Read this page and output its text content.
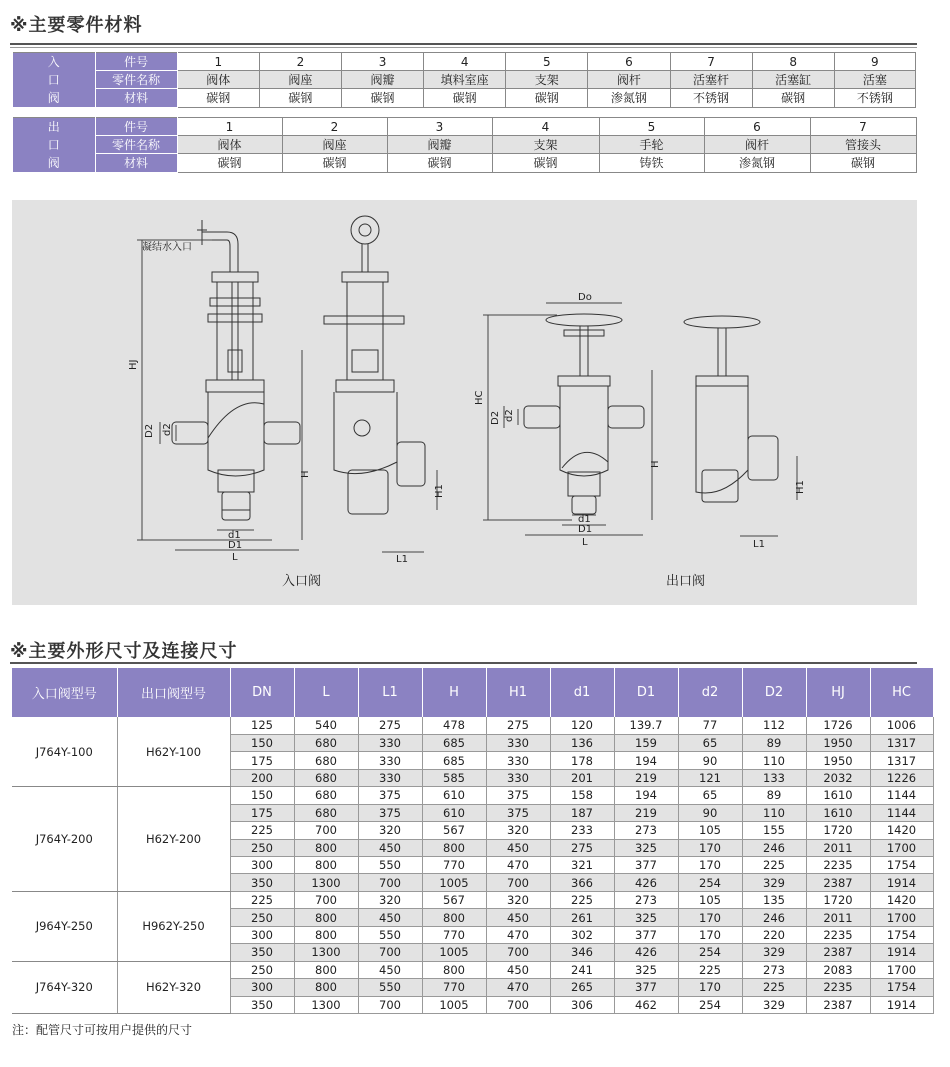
※主要零件材料
入
口
阀	件号	1	2	3	4	5	6	7	8	9
	零件名称	阀体	阀座	阀瓣	填料室座	支架	阀杆	活塞杆	活塞缸	活塞
	材料	碳钢	碳钢	碳钢	碳钢	碳钢	渗氮钢	不锈钢	碳钢	不锈钢
出
口
阀	件号	1	2	3	4	5	6	7
	零件名称	阀体	阀座	阀瓣	支架	手轮	阀杆	管接头
	材料	碳钢	碳钢	碳钢	碳钢	铸铁	渗氮钢	碳钢
凝结水入口
HJ
D2 d2
H
H1
d1
D1
L	L1
入口阀
Do
HC
D2 d2
H
H1
d1
D1
L	L1
出口阀
※主要外形尺寸及连接尺寸
入口阀型号	出口阀型号	DN	L	L1	H	H1	d1	D1	d2	D2	HJ	HC
J764Y-100	H62Y-100	125	540	275	478	275	120	139.7	77	112	1726	1006
		150	680	330	685	330	136	159	65	89	1950	1317
		175	680	330	685	330	178	194	90	110	1950	1317
		200	680	330	585	330	201	219	121	133	2032	1226
J764Y-200	H62Y-200	150	680	375	610	375	158	194	65	89	1610	1144
		175	680	375	610	375	187	219	90	110	1610	1144
		225	700	320	567	320	233	273	105	155	1720	1420
		250	800	450	800	450	275	325	170	246	2011	1700
		300	800	550	770	470	321	377	170	225	2235	1754
		350	1300	700	1005	700	366	426	254	329	2387	1914
J964Y-250	H962Y-250	225	700	320	567	320	225	273	105	135	1720	1420
		250	800	450	800	450	261	325	170	246	2011	1700
		300	800	550	770	470	302	377	170	220	2235	1754
		350	1300	700	1005	700	346	426	254	329	2387	1914
J764Y-320	H62Y-320	250	800	450	800	450	241	325	225	273	2083	1700
		300	800	550	770	470	265	377	170	225	2235	1754
		350	1300	700	1005	700	306	462	254	329	2387	1914
注：配管尺寸可按用户提供的尺寸
